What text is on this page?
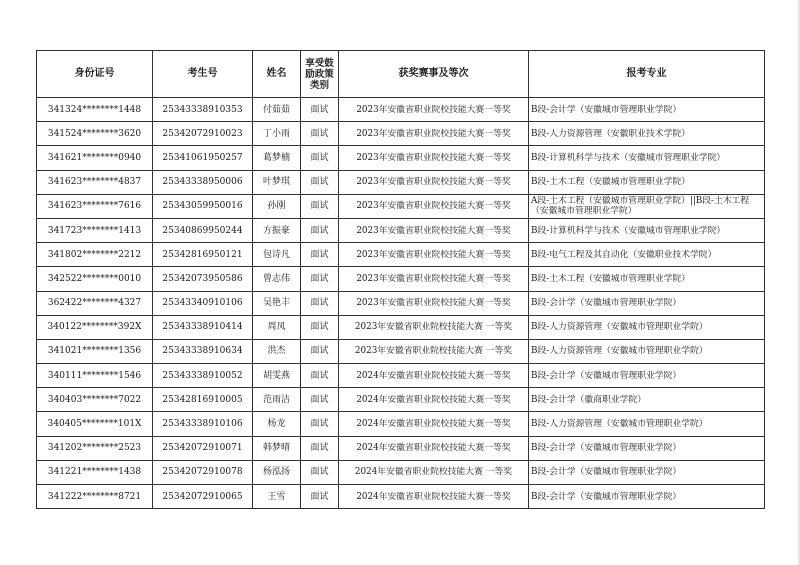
身份证号	考生号	姓名	享受鼓励政策类别	获奖赛事及等次	报考专业
341324********1448	25343338910353	付茹茹	面试	2023年安徽省职业院校技能大赛一等奖	B段-会计学（安徽城市管理职业学院）
341524********3620	25342072910023	丁小雨	面试	2023年安徽省职业院校技能大赛一等奖	B段-人力资源管理（安徽职业技术学院）
341621********0940	25341061950257	葛梦楠	面试	2023年安徽省职业院校技能大赛一等奖	B段-计算机科学与技术（安徽城市管理职业学院）
341623********4837	25343338950006	叶梦琪	面试	2023年安徽省职业院校技能大赛一等奖	B段-土木工程（安徽城市管理职业学院）
341623********7616	25343059950016	孙刚	面试	2023年安徽省职业院校技能大赛一等奖	A段-土木工程（安徽城市管理职业学院）||B段-土木工程（安徽城市管理职业学院）
341723********1413	25340869950244	方振豪	面试	2023年安徽省职业院校技能大赛一等奖	B段-计算机科学与技术（安徽城市管理职业学院）
341802********2212	25342816950121	包诗凡	面试	2023年安徽省职业院校技能大赛一等奖	B段-电气工程及其自动化（安徽职业技术学院）
342522********0010	25342073950586	曾志伟	面试	2023年安徽省职业院校技能大赛一等奖	B段-土木工程（安徽城市管理职业学院）
362422********4327	25343340910106	吴艳丰	面试	2023年安徽省职业院校技能大赛一等奖	B段-会计学（安徽城市管理职业学院）
340122********392X	25343338910414	周凤	面试	2023年安徽省职业院校技能大赛 一等奖	B段-人力资源管理（安徽城市管理职业学院）
341021********1356	25343338910634	洪杰	面试	2023年安徽省职业院校技能大赛 一等奖	B段-人力资源管理（安徽城市管理职业学院）
340111********1546	25343338910052	胡雯燕	面试	2024年安徽省职业院校技能大赛一等奖	B段-会计学（安徽城市管理职业学院）
340403********7022	25342816910005	范雨洁	面试	2024年安徽省职业院校技能大赛一等奖	B段-会计学（徽商职业学院）
340405********101X	25343338910106	杨龙	面试	2024年安徽省职业院校技能大赛一等奖	B段-人力资源管理（安徽城市管理职业学院）
341202********2523	25342072910071	韩梦晴	面试	2024年安徽省职业院校技能大赛一等奖	B段-会计学（安徽城市管理职业学院）
341221********1438	25342072910078	杨泓扬	面试	2024年安徽省职业院校技能大赛 一等奖	B段-会计学（安徽城市管理职业学院）
341222********8721	25342072910065	王雪	面试	2024年安徽省职业院校技能大赛一等奖	B段-会计学（安徽城市管理职业学院）
